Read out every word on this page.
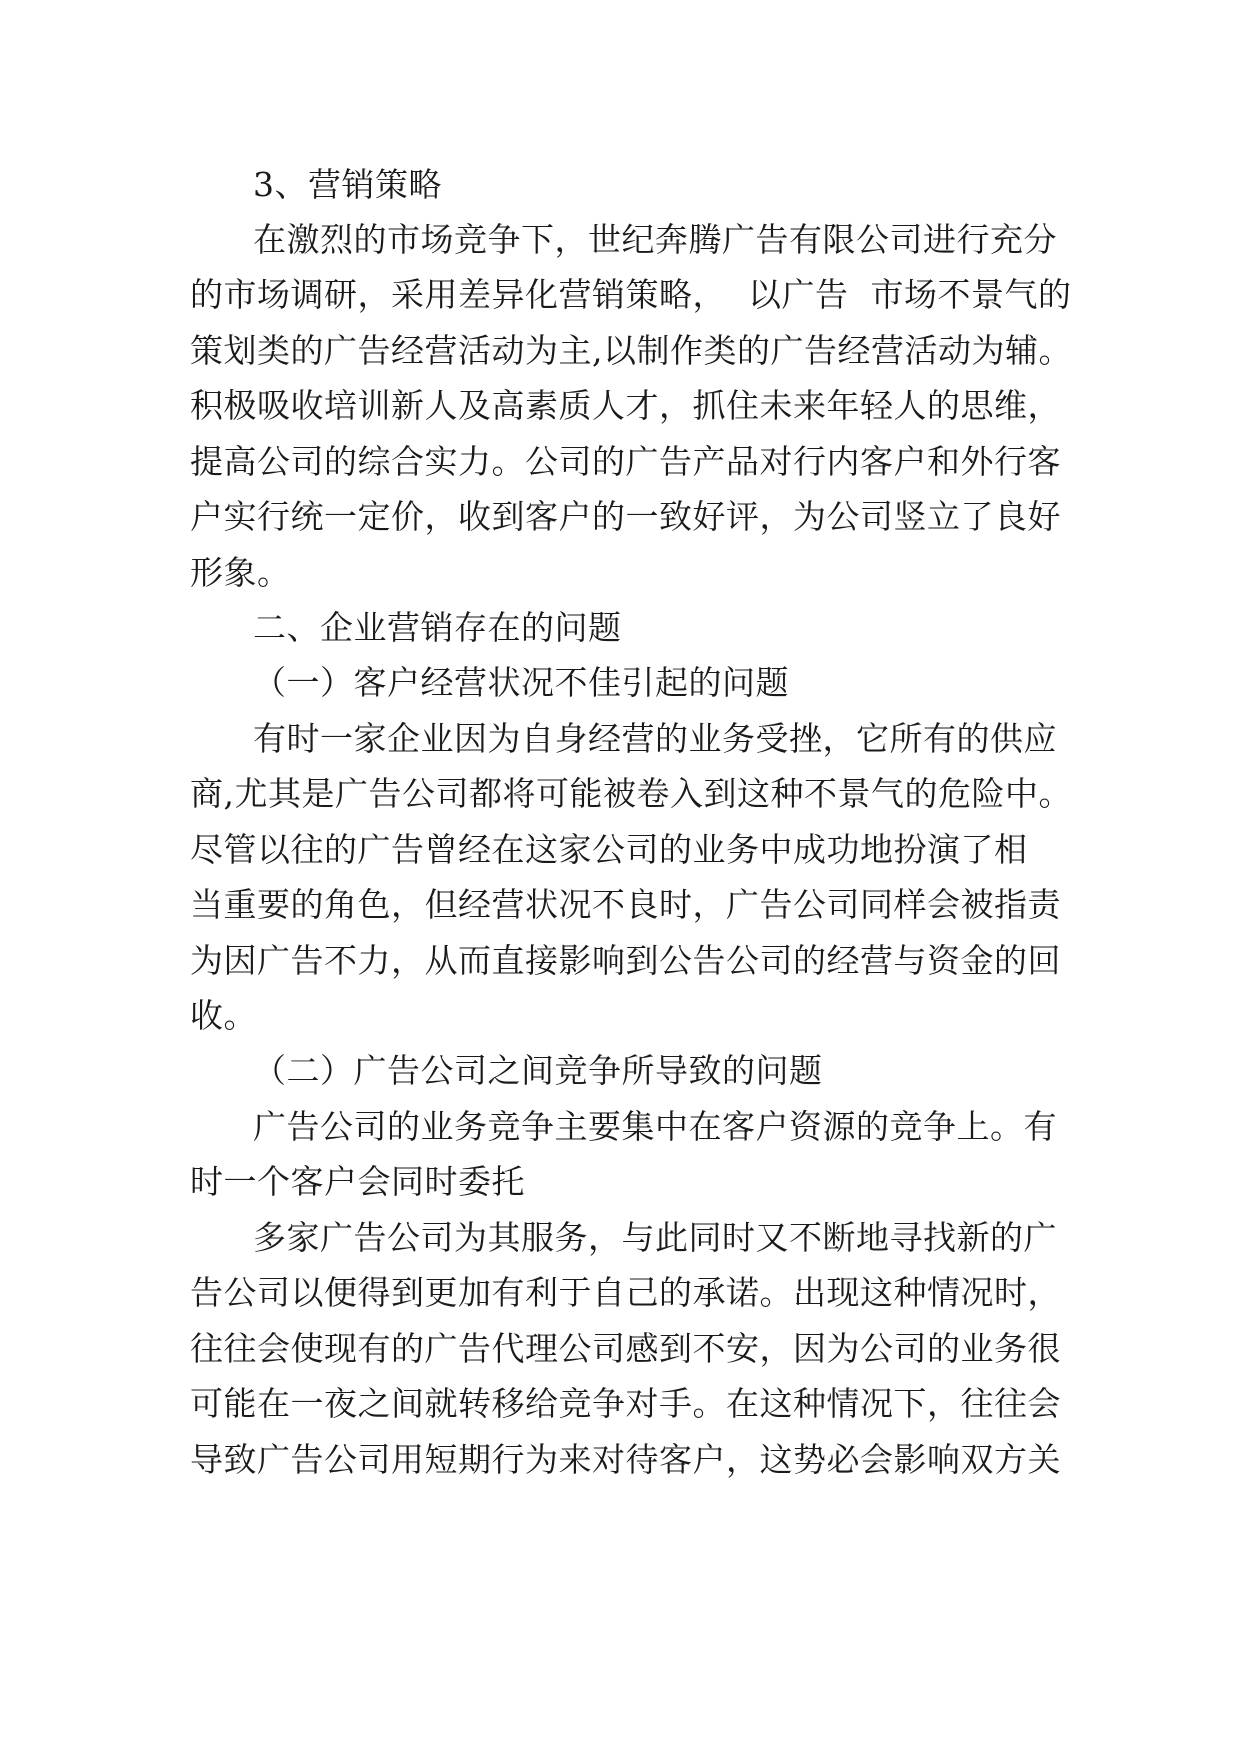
3、营销策略
在激烈的市场竞争下，世纪奔腾广告有限公司进行充分
的市场调研，采用差异化营销策略，  以广告  市场不景气的
策划类的广告经营活动为主,以制作类的广告经营活动为辅。
积极吸收培训新人及高素质人才，抓住未来年轻人的思维，
提高公司的综合实力。公司的广告产品对行内客户和外行客
户实行统一定价，收到客户的一致好评，为公司竖立了良好
形象。
二、企业营销存在的问题
（一）客户经营状况不佳引起的问题
有时一家企业因为自身经营的业务受挫，它所有的供应
商,尤其是广告公司都将可能被卷入到这种不景气的危险中。
尽管以往的广告曾经在这家公司的业务中成功地扮演了相
当重要的角色，但经营状况不良时，广告公司同样会被指责
为因广告不力，从而直接影响到公告公司的经营与资金的回
收。
（二）广告公司之间竞争所导致的问题
广告公司的业务竞争主要集中在客户资源的竞争上。有
时一个客户会同时委托
多家广告公司为其服务，与此同时又不断地寻找新的广
告公司以便得到更加有利于自己的承诺。出现这种情况时，
往往会使现有的广告代理公司感到不安，因为公司的业务很
可能在一夜之间就转移给竞争对手。在这种情况下，往往会
导致广告公司用短期行为来对待客户，这势必会影响双方关
